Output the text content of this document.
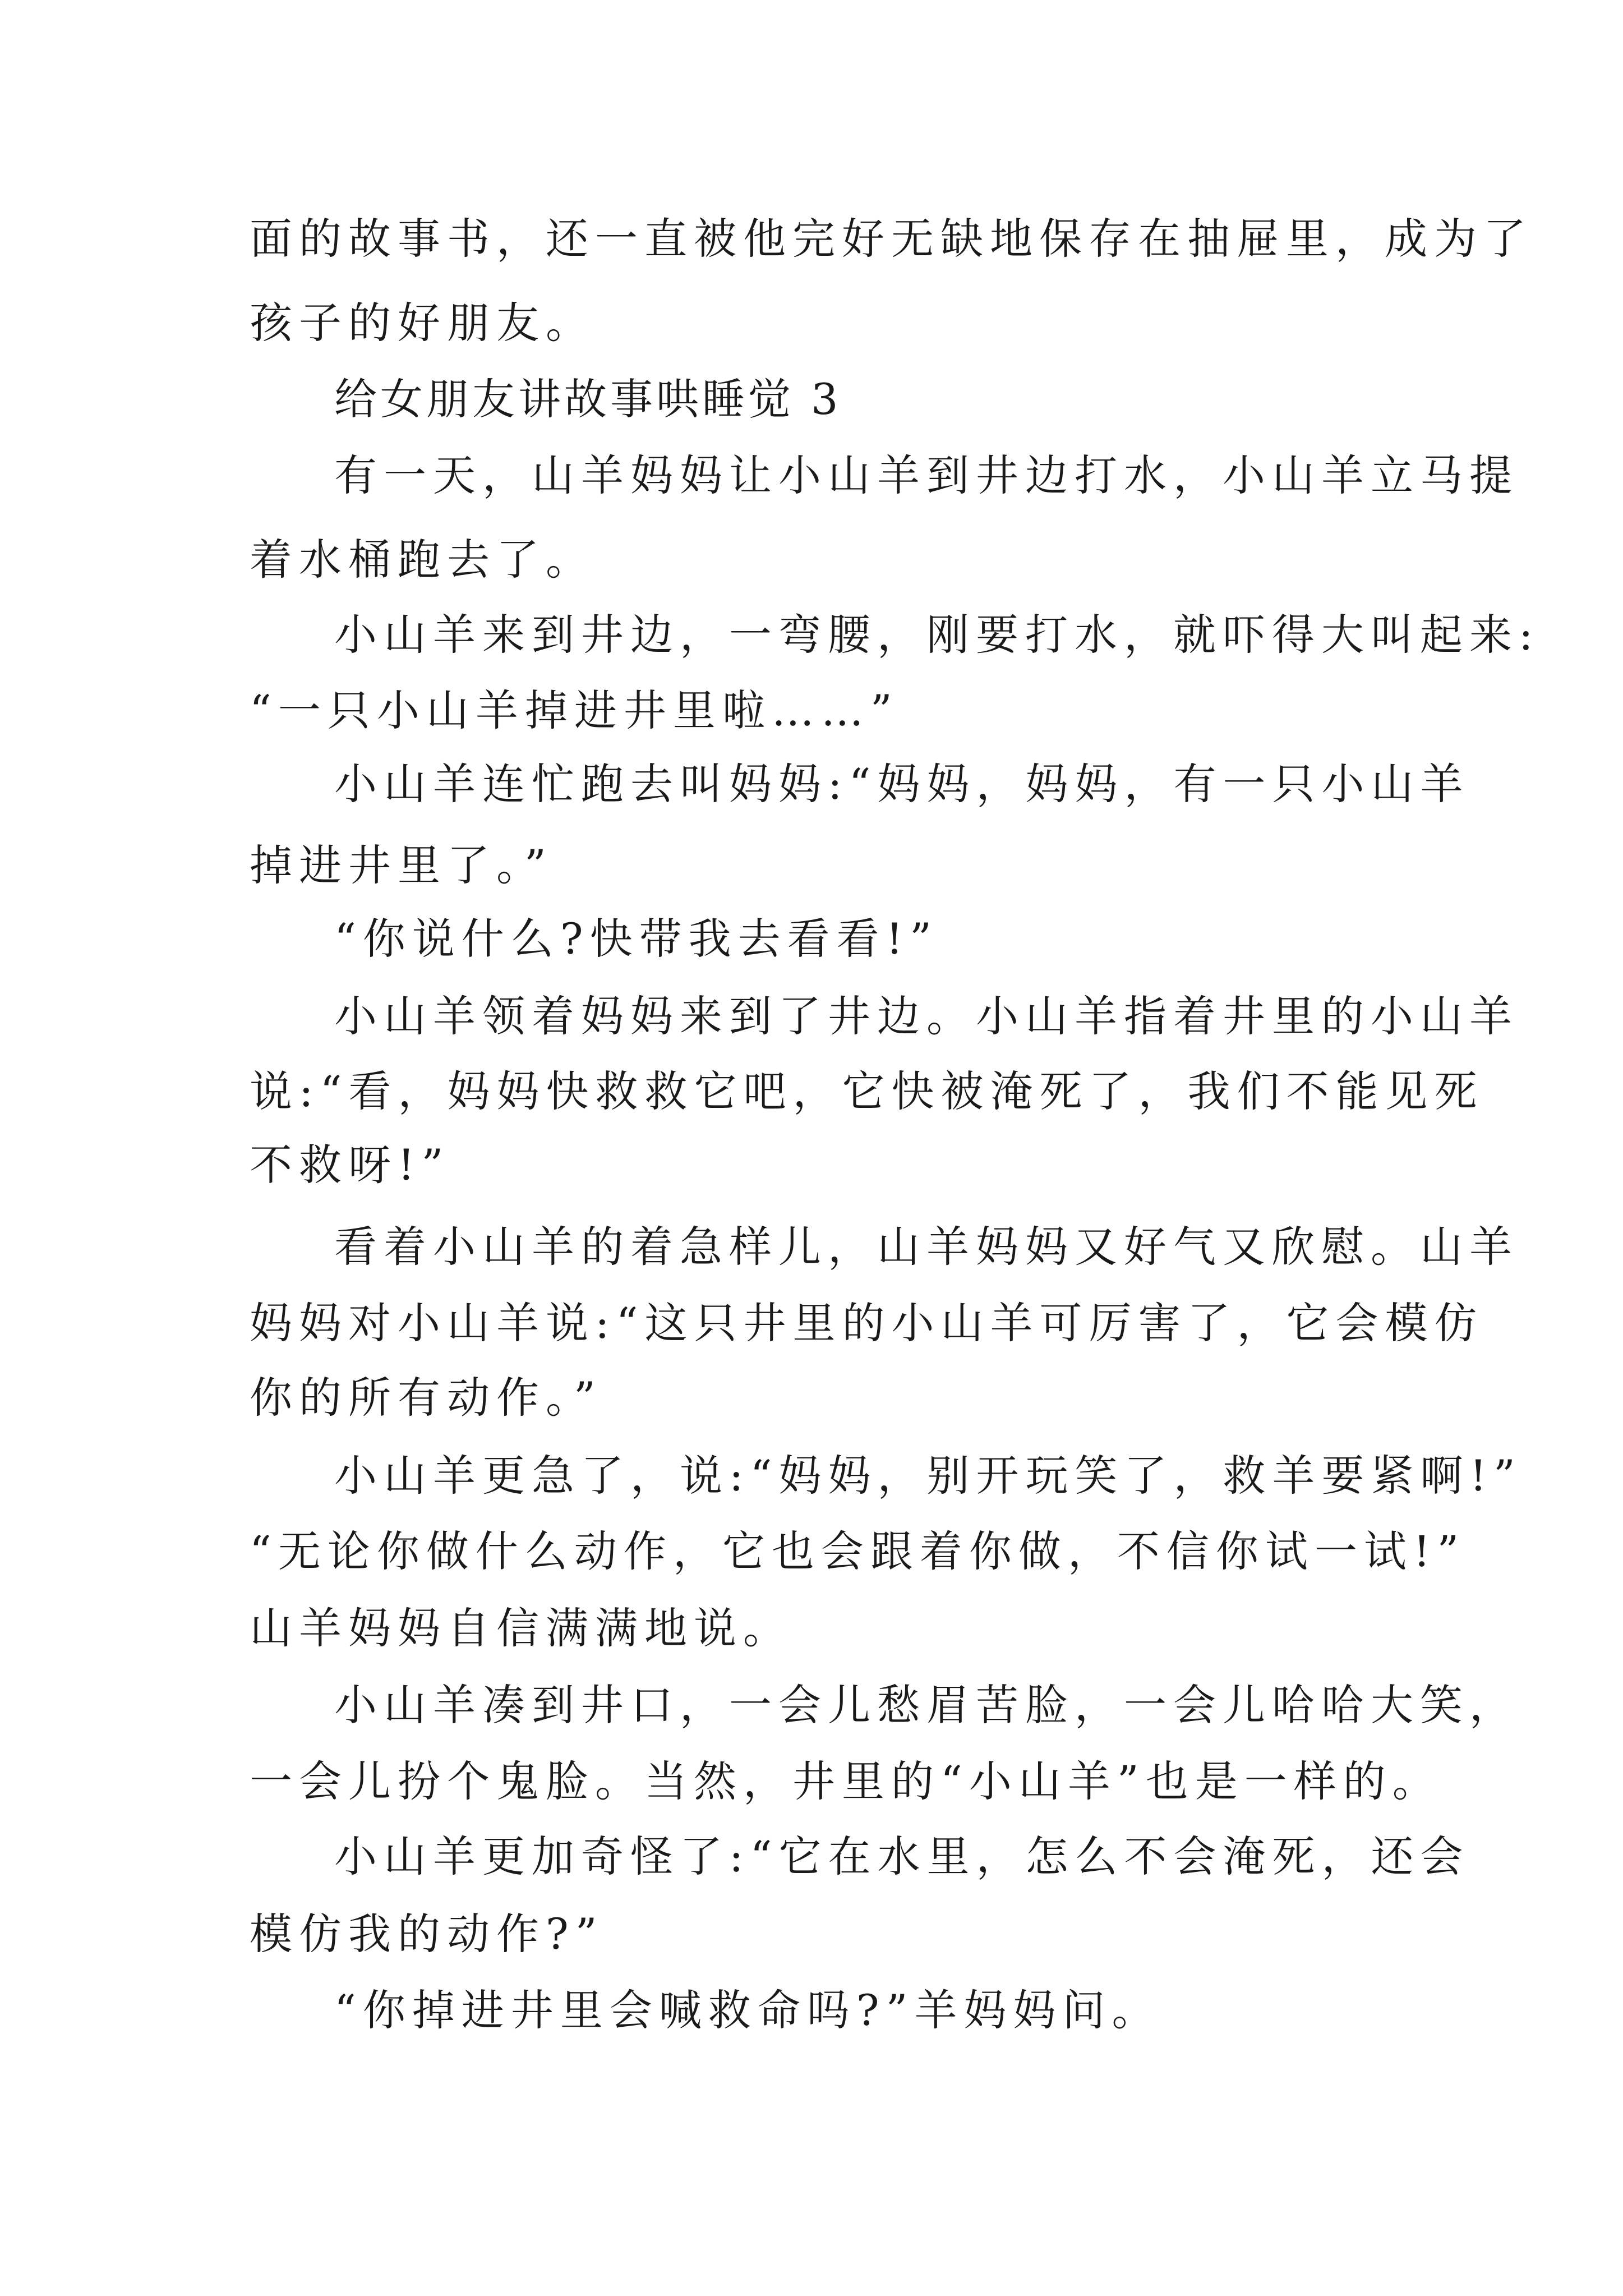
面的故事书，还一直被他完好无缺地保存在抽屉里，成为了
孩子的好朋友。
给女朋友讲故事哄睡觉 3
有一天，山羊妈妈让小山羊到井边打水，小山羊立马提
着水桶跑去了。
小山羊来到井边，一弯腰，刚要打水，就吓得大叫起来:
“一只小山羊掉进井里啦……”
小山羊连忙跑去叫妈妈:“妈妈，妈妈，有一只小山羊
掉进井里了。”
“你说什么?快带我去看看!”
小山羊领着妈妈来到了井边。小山羊指着井里的小山羊
说:“看，妈妈快救救它吧，它快被淹死了，我们不能见死
不救呀!”
看着小山羊的着急样儿，山羊妈妈又好气又欣慰。山羊
妈妈对小山羊说:“这只井里的小山羊可厉害了，它会模仿
你的所有动作。”
小山羊更急了，说:“妈妈，别开玩笑了，救羊要紧啊!”
“无论你做什么动作，它也会跟着你做，不信你试一试!”
山羊妈妈自信满满地说。
小山羊凑到井口，一会儿愁眉苦脸，一会儿哈哈大笑，
一会儿扮个鬼脸。当然，井里的“小山羊”也是一样的。
小山羊更加奇怪了:“它在水里，怎么不会淹死，还会
模仿我的动作?”
“你掉进井里会喊救命吗?”羊妈妈问。
